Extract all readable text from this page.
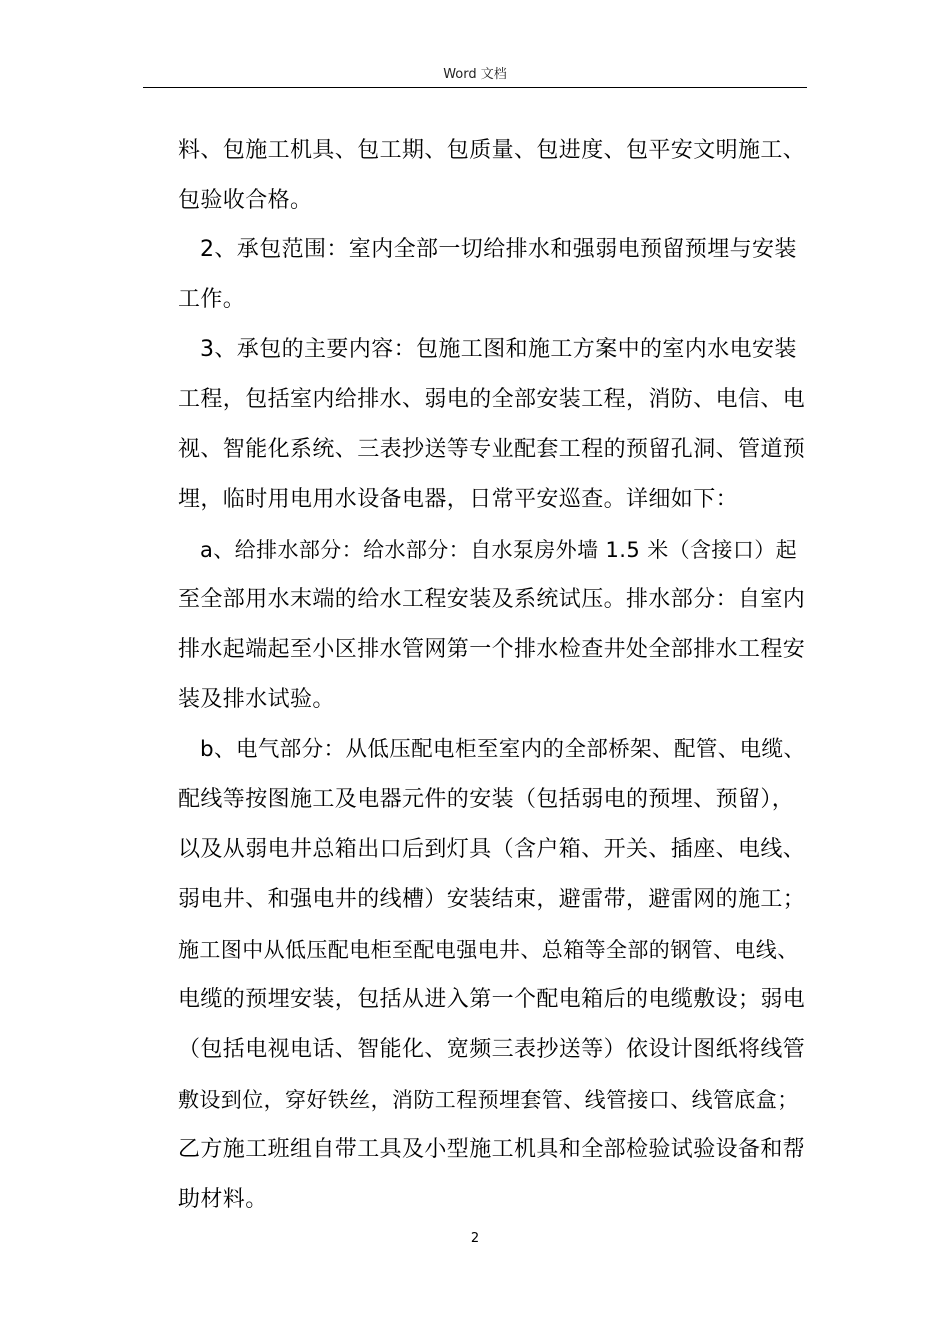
Word 文档
料、包施工机具、包工期、包质量、包进度、包平安文明施工、
包验收合格。
2、承包范围：室内全部一切给排水和强弱电预留预埋与安装
工作。
3、承包的主要内容：包施工图和施工方案中的室内水电安装
工程，包括室内给排水、弱电的全部安装工程，消防、电信、电
视、智能化系统、三表抄送等专业配套工程的预留孔洞、管道预
埋，临时用电用水设备电器，日常平安巡查。详细如下：
a、给排水部分：给水部分：自水泵房外墙 1.5 米（含接口）起
至全部用水末端的给水工程安装及系统试压。排水部分：自室内
排水起端起至小区排水管网第一个排水检查井处全部排水工程安
装及排水试验。
b、电气部分：从低压配电柜至室内的全部桥架、配管、电缆、
配线等按图施工及电器元件的安装（包括弱电的预埋、预留），
以及从弱电井总箱出口后到灯具（含户箱、开关、插座、电线、
弱电井、和强电井的线槽）安装结束，避雷带，避雷网的施工；
施工图中从低压配电柜至配电强电井、总箱等全部的钢管、电线、
电缆的预埋安装，包括从进入第一个配电箱后的电缆敷设；弱电
（包括电视电话、智能化、宽频三表抄送等）依设计图纸将线管
敷设到位，穿好铁丝，消防工程预埋套管、线管接口、线管底盒；
乙方施工班组自带工具及小型施工机具和全部检验试验设备和帮
助材料。
2
